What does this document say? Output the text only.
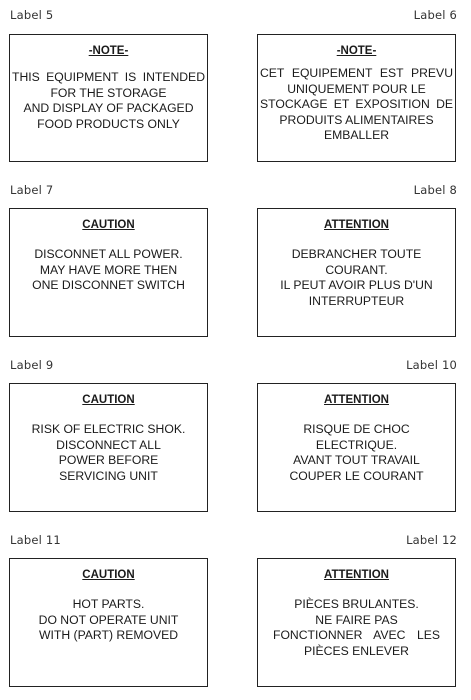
Label 5	Label 6
-NOTE-
THIS EQUIPMENT IS INTENDED
FOR THE STORAGE
AND DISPLAY OF PACKAGED
FOOD PRODUCTS ONLY
-NOTE-
CET EQUIPEMENT EST PREVU
UNIQUEMENT POUR LE
STOCKAGE ET EXPOSITION DE
PRODUITS ALIMENTAIRES
EMBALLER
Label 7	Label 8
CAUTION
DISCONNET ALL POWER.
MAY HAVE MORE THEN
ONE DISCONNET SWITCH
ATTENTION
DEBRANCHER TOUTE
COURANT.
IL PEUT AVOIR PLUS D'UN
INTERRUPTEUR
Label 9	Label 10
CAUTION
RISK OF ELECTRIC SHOK.
DISCONNECT ALL
POWER BEFORE
SERVICING UNIT
ATTENTION
RISQUE DE CHOC
ELECTRIQUE.
AVANT TOUT TRAVAIL
COUPER LE COURANT
Label 11	Label 12
CAUTION
HOT PARTS.
DO NOT OPERATE UNIT
WITH (PART) REMOVED
ATTENTION
PIÈCES BRULANTES.
NE FAIRE PAS
FONCTIONNER AVEC LES
PIÈCES ENLEVER
